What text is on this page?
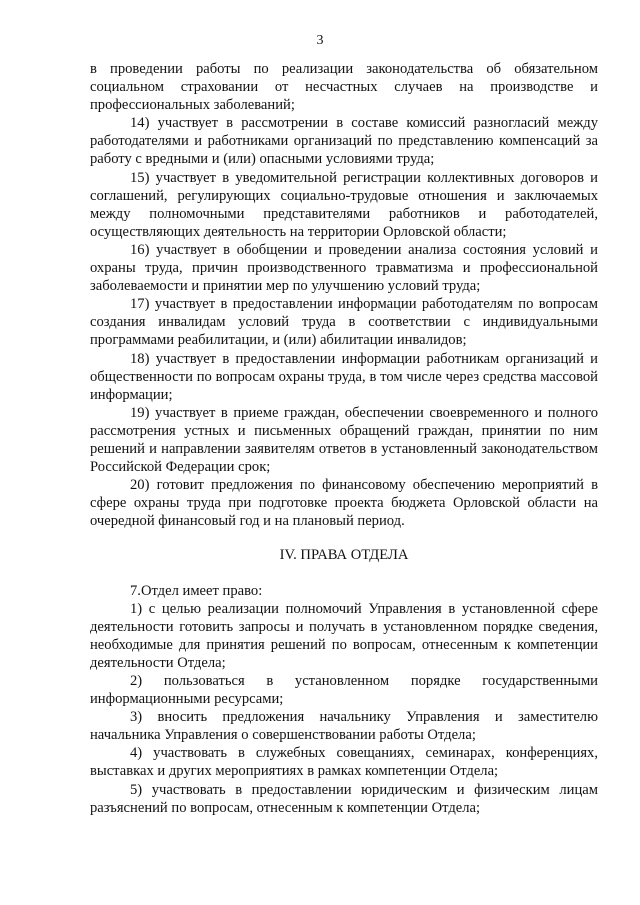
3

в проведении работы по реализации законодательства об обязательном социальном страховании от несчастных случаев на производстве и профессиональных заболеваний;

14) участвует в рассмотрении в составе комиссий разногласий между работодателями и работниками организаций по представлению компенсаций за работу с вредными и (или) опасными условиями труда;

15) участвует в уведомительной регистрации коллективных договоров и соглашений, регулирующих социально-трудовые отношения и заключаемых между полномочными представителями работников и работодателей, осуществляющих деятельность на территории Орловской области;

16) участвует в обобщении и проведении анализа состояния условий и охраны труда, причин производственного травматизма и профессиональной заболеваемости и принятии мер по улучшению условий труда;

17) участвует в предоставлении информации работодателям по вопросам создания инвалидам условий труда в соответствии с индивидуальными программами реабилитации, и (или) абилитации инвалидов;

18) участвует в предоставлении информации работникам организаций и общественности по вопросам охраны труда, в том числе через средства массовой информации;

19) участвует в приеме граждан, обеспечении своевременного и полного рассмотрения устных и письменных обращений граждан, принятии по ним решений и направлении заявителям ответов в установленный законодательством Российской Федерации срок;

20) готовит предложения по финансовому обеспечению мероприятий в сфере охраны труда при подготовке проекта бюджета Орловской области на очередной финансовый год и на плановый период.

IV. ПРАВА ОТДЕЛА

7.Отдел имеет право:

1) с целью реализации полномочий Управления в установленной сфере деятельности готовить запросы и получать в установленном порядке сведения, необходимые для принятия решений по вопросам, отнесенным к компетенции деятельности Отдела;

2) пользоваться в установленном порядке государственными информационными ресурсами;

3) вносить предложения начальнику Управления и заместителю начальника Управления о совершенствовании работы Отдела;

4) участвовать в служебных совещаниях, семинарах, конференциях, выставках и других мероприятиях в рамках компетенции Отдела;

5) участвовать в предоставлении юридическим и физическим лицам разъяснений по вопросам, отнесенным к компетенции Отдела;
